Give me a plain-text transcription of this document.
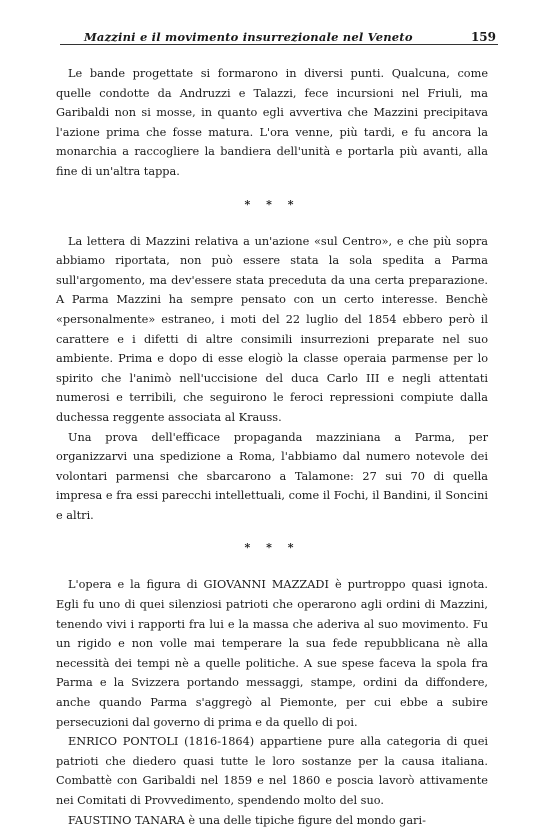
Mazzini e il movimento insurrezionale nel Veneto	159

Le bande progettate si formarono in diversi punti. Qualcuna, come quelle condotte da Andruzzi e Talazzi, fece incursioni nel Friuli, ma Garibaldi non si mosse, in quanto egli avvertiva che Mazzini precipitava l'azione prima che fosse matura. L'ora venne, più tardi, e fu ancora la monarchia a raccogliere la bandiera dell'unità e portarla più avanti, alla fine di un'altra tappa.

* * *

La lettera di Mazzini relativa a un'azione «sul Centro», e che più sopra abbiamo riportata, non può essere stata la sola spedita a Parma sull'argomento, ma dev'essere stata preceduta da una certa preparazione. A Parma Mazzini ha sempre pensato con un certo interesse. Benchè «personalmente» estraneo, i moti del 22 luglio del 1854 ebbero però il carattere e i difetti di altre consimili insurrezioni preparate nel suo ambiente. Prima e dopo di esse elogiò la classe operaia parmense per lo spirito che l'animò nell'uccisione del duca Carlo III e negli attentati numerosi e terribili, che seguirono le feroci repressioni compiute dalla duchessa reggente associata al Krauss.

Una prova dell'efficace propaganda mazziniana a Parma, per organizzarvi una spedizione a Roma, l'abbiamo dal numero notevole dei volontari parmensi che sbarcarono a Talamone: 27 sui 70 di quella impresa e fra essi parecchi intellettuali, come il Fochi, il Bandini, il Soncini e altri.

* * *

L'opera e la figura di GIOVANNI MAZZADI è purtroppo quasi ignota. Egli fu uno di quei silenziosi patrioti che operarono agli ordini di Mazzini, tenendo vivi i rapporti fra lui e la massa che aderiva al suo movimento. Fu un rigido e non volle mai temperare la sua fede repubblicana nè alla necessità dei tempi nè a quelle politiche. A sue spese faceva la spola fra Parma e la Svizzera portando messaggi, stampe, ordini da diffondere, anche quando Parma s'aggregò al Piemonte, per cui ebbe a subire persecuzioni dal governo di prima e da quello di poi.

ENRICO PONTOLI (1816-1864) appartiene pure alla categoria di quei patrioti che diedero quasi tutte le loro sostanze per la causa italiana. Combattè con Garibaldi nel 1859 e nel 1860 e poscia lavorò attivamente nei Comitati di Provvedimento, spendendo molto del suo.

FAUSTINO TANARA è una delle tipiche figure del mondo gari-
